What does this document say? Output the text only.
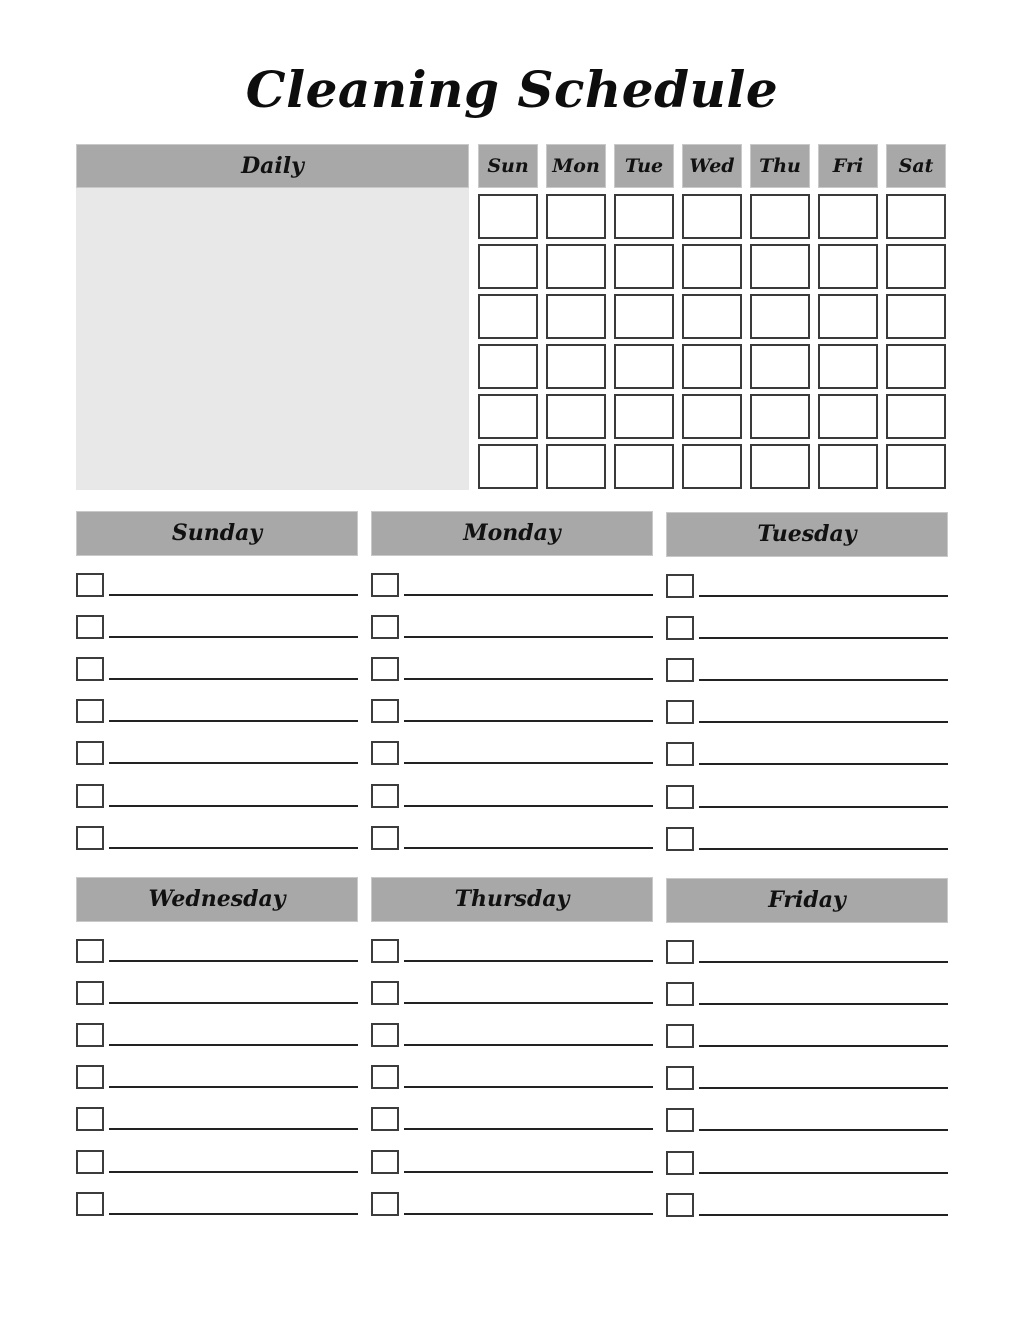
Cleaning Schedule
Daily	Sun	Mon	Tue	Wed	Thu	Fri	Sat
Sunday	Monday	Tuesday
Wednesday	Thursday	Friday
